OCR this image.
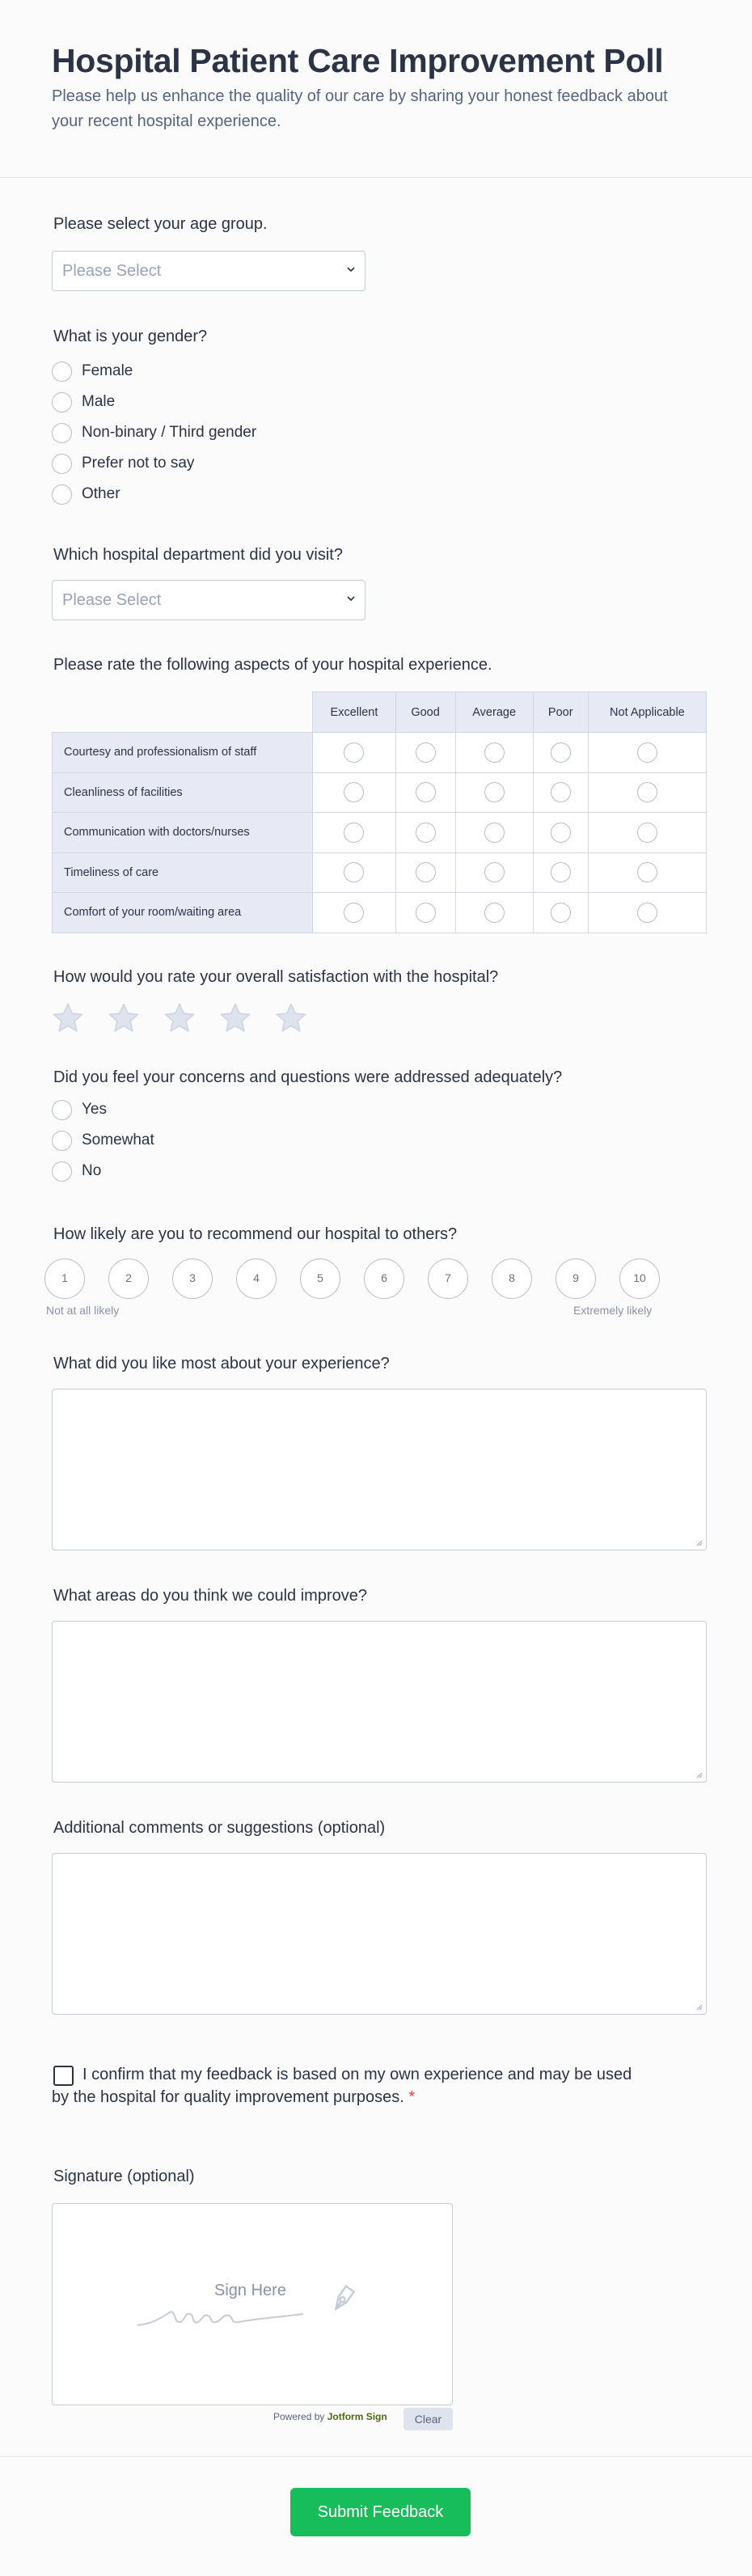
Hospital Patient Care Improvement Poll

Please help us enhance the quality of our care by sharing your honest feedback about your recent hospital experience.

Please select your age group.
Please Select
What is your gender?
Female
Male
Non-binary / Third gender
Prefer not to say
Other
Which hospital department did you visit?
Please Select
Please rate the following aspects of your hospital experience.
	Excellent	Good	Average	Poor	Not Applicable
Courtesy and professionalism of staff					
Cleanliness of facilities					
Communication with doctors/nurses					
Timeliness of care					
Comfort of your room/waiting area					
How would you rate your overall satisfaction with the hospital?
Did you feel your concerns and questions were addressed adequately?
Yes
Somewhat
No
How likely are you to recommend our hospital to others?
1	2	3	4	5	6	7	8	9	10
Not at all likely	Extremely likely
What did you like most about your experience?
What areas do you think we could improve?
Additional comments or suggestions (optional)
I confirm that my feedback is based on my own experience and may be used by the hospital for quality improvement purposes. *
Signature (optional)
Sign Here
Powered by Jotform Sign	Clear
Submit Feedback
